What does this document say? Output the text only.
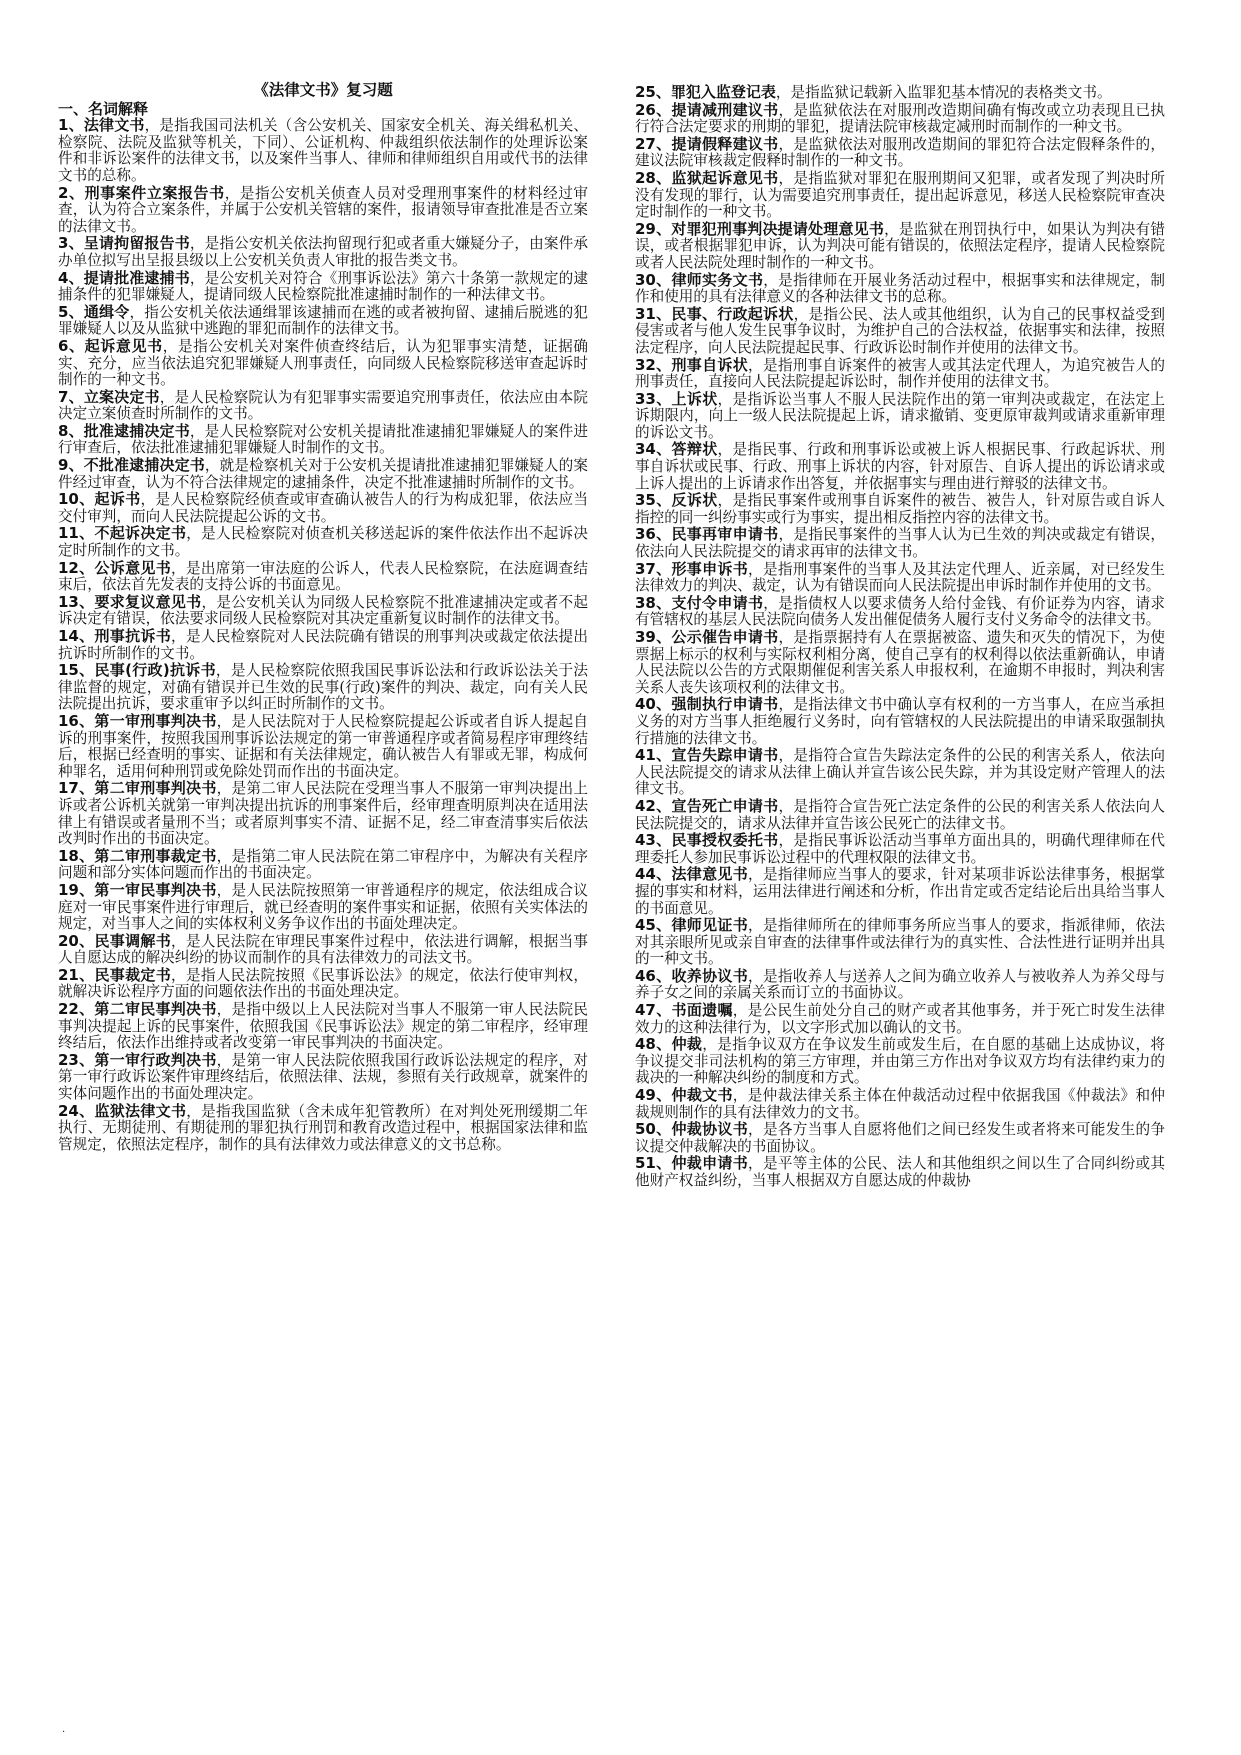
《法律文书》复习题
一、名词解释

1、法律文书，是指我国司法机关（含公安机关、国家安全机关、海关缉私机关、检察院、法院及监狱等机关，下同）、公证机构、仲裁组织依法制作的处理诉讼案件和非诉讼案件的法律文书，以及案件当事人、律师和律师组织自用或代书的法律文书的总称。

2、刑事案件立案报告书，是指公安机关侦查人员对受理刑事案件的材料经过审查，认为符合立案条件，并属于公安机关管辖的案件，报请领导审查批准是否立案的法律文书。

3、呈请拘留报告书，是指公安机关依法拘留现行犯或者重大嫌疑分子，由案件承办单位拟写出呈报县级以上公安机关负责人审批的报告类文书。

4、提请批准逮捕书，是公安机关对符合《刑事诉讼法》第六十条第一款规定的逮捕条件的犯罪嫌疑人，提请同级人民检察院批准逮捕时制作的一种法律文书。

5、通缉令，指公安机关依法通缉罪该逮捕而在逃的或者被拘留、逮捕后脱逃的犯罪嫌疑人以及从监狱中逃跑的罪犯而制作的法律文书。

6、起诉意见书，是指公安机关对案件侦查终结后，认为犯罪事实清楚，证据确实、充分，应当依法追究犯罪嫌疑人刑事责任，向同级人民检察院移送审查起诉时制作的一种文书。

7、立案决定书，是人民检察院认为有犯罪事实需要追究刑事责任，依法应由本院决定立案侦查时所制作的文书。

8、批准逮捕决定书，是人民检察院对公安机关提请批准逮捕犯罪嫌疑人的案件进行审查后，依法批准逮捕犯罪嫌疑人时制作的文书。

9、不批准逮捕决定书，就是检察机关对于公安机关提请批准逮捕犯罪嫌疑人的案件经过审查，认为不符合法律规定的逮捕条件，决定不批准逮捕时所制作的文书。

10、起诉书，是人民检察院经侦查或审查确认被告人的行为构成犯罪，依法应当交付审判，而向人民法院提起公诉的文书。

11、不起诉决定书，是人民检察院对侦查机关移送起诉的案件依法作出不起诉决定时所制作的文书。

12、公诉意见书，是出席第一审法庭的公诉人，代表人民检察院，在法庭调查结束后，依法首先发表的支持公诉的书面意见。

13、要求复议意见书，是公安机关认为同级人民检察院不批准逮捕决定或者不起诉决定有错误，依法要求同级人民检察院对其决定重新复议时制作的法律文书。

14、刑事抗诉书，是人民检察院对人民法院确有错误的刑事判决或裁定依法提出抗诉时所制作的文书。

15、民事(行政)抗诉书，是人民检察院依照我国民事诉讼法和行政诉讼法关于法律监督的规定，对确有错误并已生效的民事(行政)案件的判决、裁定，向有关人民法院提出抗诉，要求重审予以纠正时所制作的文书。

16、第一审刑事判决书，是人民法院对于人民检察院提起公诉或者自诉人提起自诉的刑事案件，按照我国刑事诉讼法规定的第一审普通程序或者简易程序审理终结后，根据已经查明的事实、证据和有关法律规定，确认被告人有罪或无罪，构成何种罪名，适用何种刑罚或免除处罚而作出的书面决定。

17、第二审刑事判决书，是第二审人民法院在受理当事人不服第一审判决提出上诉或者公诉机关就第一审判决提出抗诉的刑事案件后，经审理查明原判决在适用法律上有错误或者量刑不当；或者原判事实不清、证据不足，经二审查清事实后依法改判时作出的书面决定。

18、第二审刑事裁定书，是指第二审人民法院在第二审程序中，为解决有关程序问题和部分实体问题而作出的书面决定。

19、第一审民事判决书，是人民法院按照第一审普通程序的规定，依法组成合议庭对一审民事案件进行审理后，就已经查明的案件事实和证据，依照有关实体法的规定，对当事人之间的实体权利义务争议作出的书面处理决定。

20、民事调解书，是人民法院在审理民事案件过程中，依法进行调解，根据当事人自愿达成的解决纠纷的协议而制作的具有法律效力的司法文书。

21、民事裁定书，是指人民法院按照《民事诉讼法》的规定，依法行使审判权，就解决诉讼程序方面的问题依法作出的书面处理决定。

22、第二审民事判决书，是指中级以上人民法院对当事人不服第一审人民法院民事判决提起上诉的民事案件，依照我国《民事诉讼法》规定的第二审程序，经审理终结后，依法作出维持或者改变第一审民事判决的书面决定。

23、第一审行政判决书，是第一审人民法院依照我国行政诉讼法规定的程序，对第一审行政诉讼案件审理终结后，依照法律、法规，参照有关行政规章，就案件的实体问题作出的书面处理决定。

24、监狱法律文书，是指我国监狱（含未成年犯管教所）在对判处死刑缓期二年执行、无期徒刑、有期徒刑的罪犯执行刑罚和教育改造过程中，根据国家法律和监管规定，依照法定程序，制作的具有法律效力或法律意义的文书总称。

25、罪犯入监登记表，是指监狱记载新入监罪犯基本情况的表格类文书。

26、提请减刑建议书，是监狱依法在对服刑改造期间确有悔改或立功表现且已执行符合法定要求的刑期的罪犯，提请法院审核裁定减刑时而制作的一种文书。

27、提请假释建议书，是监狱依法对服刑改造期间的罪犯符合法定假释条件的，建议法院审核裁定假释时制作的一种文书。

28、监狱起诉意见书，是指监狱对罪犯在服刑期间又犯罪，或者发现了判决时所没有发现的罪行，认为需要追究刑事责任，提出起诉意见，移送人民检察院审查决定时制作的一种文书。

29、对罪犯刑事判决提请处理意见书，是监狱在刑罚执行中，如果认为判决有错误，或者根据罪犯申诉，认为判决可能有错误的，依照法定程序，提请人民检察院或者人民法院处理时制作的一种文书。

30、律师实务文书，是指律师在开展业务活动过程中，根据事实和法律规定，制作和使用的具有法律意义的各种法律文书的总称。

31、民事、行政起诉状，是指公民、法人或其他组织，认为自己的民事权益受到侵害或者与他人发生民事争议时，为维护自己的合法权益，依据事实和法律，按照法定程序，向人民法院提起民事、行政诉讼时制作并使用的法律文书。

32、刑事自诉状，是指刑事自诉案件的被害人或其法定代理人，为追究被告人的刑事责任，直接向人民法院提起诉讼时，制作并使用的法律文书。

33、上诉状，是指诉讼当事人不服人民法院作出的第一审判决或裁定，在法定上诉期限内，向上一级人民法院提起上诉，请求撤销、变更原审裁判或请求重新审理的诉讼文书。

34、答辩状，是指民事、行政和刑事诉讼或被上诉人根据民事、行政起诉状、刑事自诉状或民事、行政、刑事上诉状的内容，针对原告、自诉人提出的诉讼请求或上诉人提出的上诉请求作出答复，并依据事实与理由进行辩驳的法律文书。

35、反诉状，是指民事案件或刑事自诉案件的被告、被告人，针对原告或自诉人指控的同一纠纷事实或行为事实，提出相反指控内容的法律文书。

36、民事再审申请书，是指民事案件的当事人认为已生效的判决或裁定有错误，依法向人民法院提交的请求再审的法律文书。

37、形事申诉书，是指刑事案件的当事人及其法定代理人、近亲属，对已经发生法律效力的判决、裁定，认为有错误而向人民法院提出申诉时制作并使用的文书。

38、支付令申请书，是指债权人以要求债务人给付金钱、有价证券为内容，请求有管辖权的基层人民法院向债务人发出催促债务人履行支付义务命令的法律文书。

39、公示催告申请书，是指票据持有人在票据被盗、遗失和灭失的情况下，为使票据上标示的权利与实际权利相分离，使自己享有的权利得以依法重新确认，申请人民法院以公告的方式限期催促利害关系人申报权利，在逾期不申报时，判决利害关系人丧失该项权利的法律文书。

40、强制执行申请书，是指法律文书中确认享有权利的一方当事人，在应当承担义务的对方当事人拒绝履行义务时，向有管辖权的人民法院提出的申请采取强制执行措施的法律文书。

41、宣告失踪申请书，是指符合宣告失踪法定条件的公民的利害关系人，依法向人民法院提交的请求从法律上确认并宣告该公民失踪，并为其设定财产管理人的法律文书。

42、宣告死亡申请书，是指符合宣告死亡法定条件的公民的利害关系人依法向人民法院提交的，请求从法律并宣告该公民死亡的法律文书。

43、民事授权委托书，是指民事诉讼活动当事单方面出具的，明确代理律师在代理委托人参加民事诉讼过程中的代理权限的法律文书。

44、法律意见书，是指律师应当事人的要求，针对某项非诉讼法律事务，根据掌握的事实和材料，运用法律进行阐述和分析，作出肯定或否定结论后出具给当事人的书面意见。

45、律师见证书，是指律师所在的律师事务所应当事人的要求，指派律师，依法对其亲眼所见或亲自审查的法律事件或法律行为的真实性、合法性进行证明并出具的一种文书。

46、收养协议书，是指收养人与送养人之间为确立收养人与被收养人为养父母与养子女之间的亲属关系而订立的书面协议。

47、书面遗嘱，是公民生前处分自己的财产或者其他事务，并于死亡时发生法律效力的这种法律行为，以文字形式加以确认的文书。

48、仲裁，是指争议双方在争议发生前或发生后，在自愿的基础上达成协议，将争议提交非司法机构的第三方审理，并由第三方作出对争议双方均有法律约束力的裁决的一种解决纠纷的制度和方式。

49、仲裁文书，是仲裁法律关系主体在仲裁活动过程中依据我国《仲裁法》和仲裁规则制作的具有法律效力的文书。

50、仲裁协议书，是各方当事人自愿将他们之间已经发生或者将来可能发生的争议提交仲裁解决的书面协议。

51、仲裁申请书，是平等主体的公民、法人和其他组织之间以生了合同纠纷或其他财产权益纠纷，当事人根据双方自愿达成的仲裁协

.
